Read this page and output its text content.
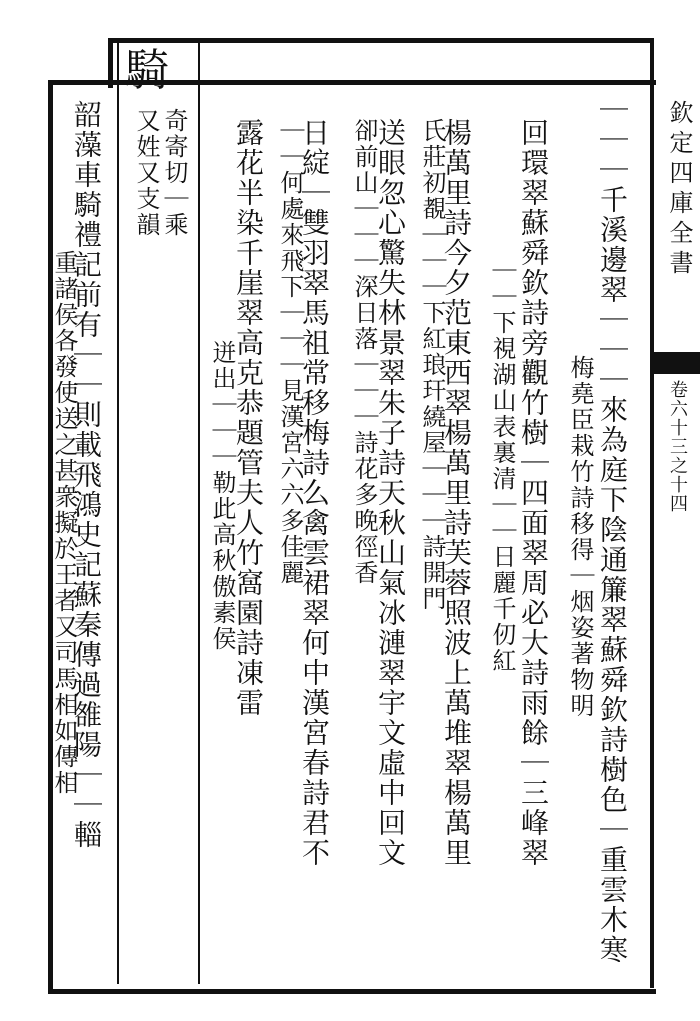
欽定四庫全書
卷六十三之十四
騎
｜｜｜千溪邊翠｜｜｜來為庭下陰通簾翠蘇舜欽詩樹色｜重雲木寒
梅堯臣栽竹詩移得｜烟姿著物明
回環翠蘇舜欽詩旁觀竹樹｜四面翠周必大詩雨餘｜三峰翠
｜｜下視湖山表裏清｜｜日麗千仞紅
楊萬里詩今夕范東西翠楊萬里詩芙蓉照波上萬堆翠楊萬里
氏莊初覩｜｜｜下紅琅玕繞屋｜｜｜詩開門
送眼忽心驚失林景翠朱子詩天秋山氣冰漣翠宇文虛中回文
卻前山｜｜｜深日落｜｜｜詩花多晚徑香
日綻｜雙羽翠馬祖常移梅詩么禽雲裙翠何中漢宮春詩君不
｜｜何處來飛下｜｜｜見漢宮六六多佳麗
露花半染千崖翠高克恭題管夫人竹窩園詩凍雷
迸出｜｜｜勒此高秋傲素侯
奇寄切｜乘
又姓又支韻
韶藻車騎禮記前有｜｜則載飛鴻史記蘇秦傳過雒陽｜｜輜
重諸侯各發使送之甚衆擬於王者又司馬相如傳相
